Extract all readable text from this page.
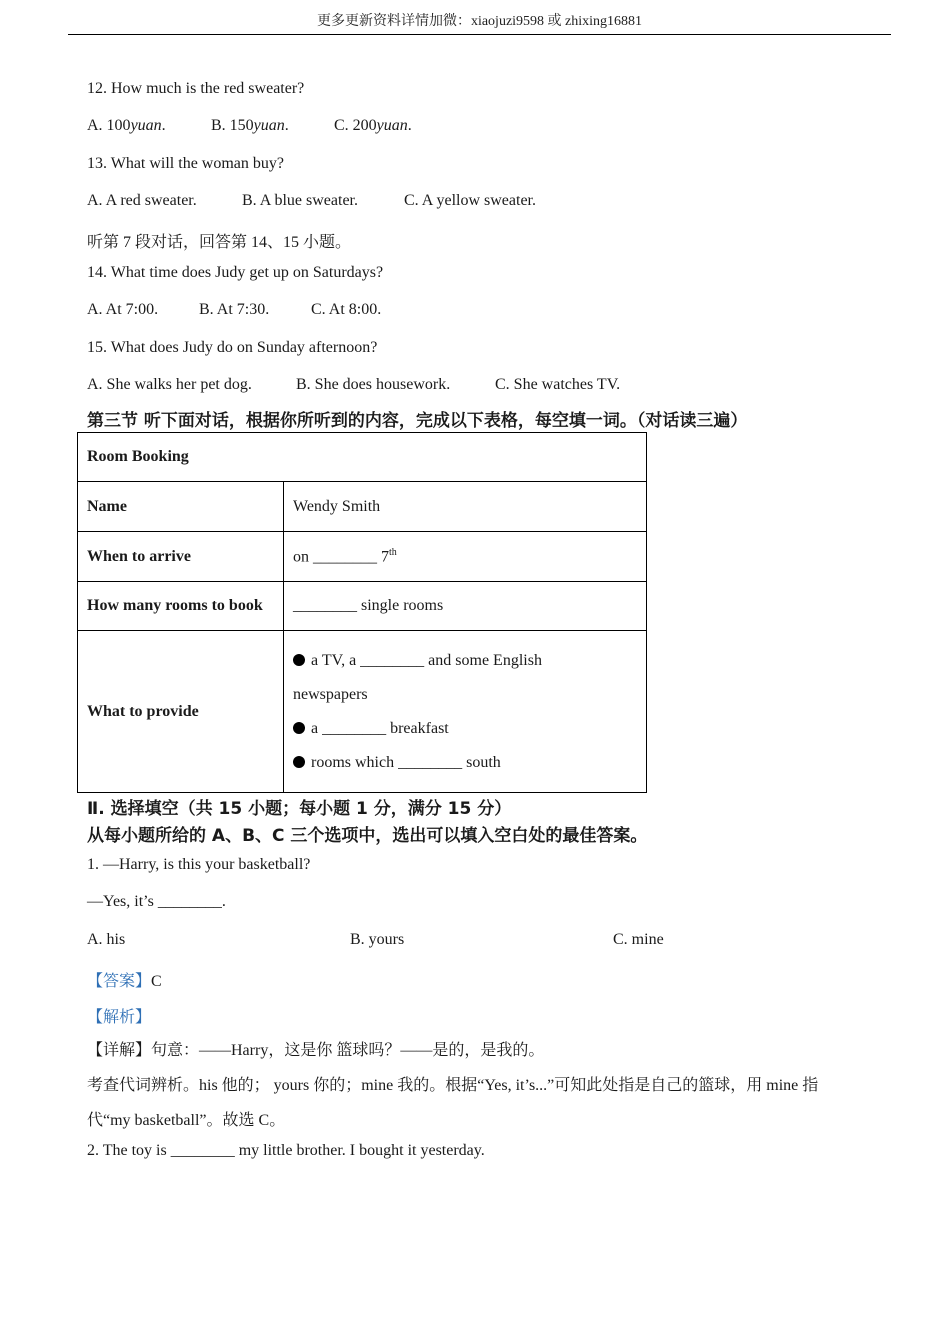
更多更新资料详情加微：xiaojuzi9598 或 zhixing16881
12. How much is the red sweater?
A. 100yuan.	B. 150yuan.	C. 200yuan.
13. What will the woman buy?
A. A red sweater.	B. A blue sweater.	C. A yellow sweater.
听第 7 段对话，回答第 14、15 小题。
14. What time does Judy get up on Saturdays?
A. At 7:00.	B. At 7:30.	C. At 8:00.
15. What does Judy do on Sunday afternoon?
A. She walks her pet dog.	B. She does housework.	C. She watches TV.
第三节 听下面对话，根据你所听到的内容，完成以下表格，每空填一词。（对话读三遍）
Room Booking	
Name	Wendy Smith
When to arrive	on ________ 7th
How many rooms to book	________ single rooms
What to provide	a TV, a ________ and some English
newspapers
a ________ breakfast
rooms which ________ south
Ⅱ. 选择填空（共 15 小题；每小题 1 分，满分 15 分）
从每小题所给的 A、B、C 三个选项中，选出可以填入空白处的最佳答案。
1. —Harry, is this your basketball?
—Yes, it’s ________.
A. his	B. yours	C. mine
【答案】C
【解析】
【详解】句意：——Harry，这是你 篮球吗？——是的，是我的。
考查代词辨析。his 他的； yours 你的；mine 我的。根据“Yes, it’s...”可知此处指是自己的篮球，用 mine 指
代“my basketball”。故选 C。
2. The toy is ________ my little brother. I bought it yesterday.
